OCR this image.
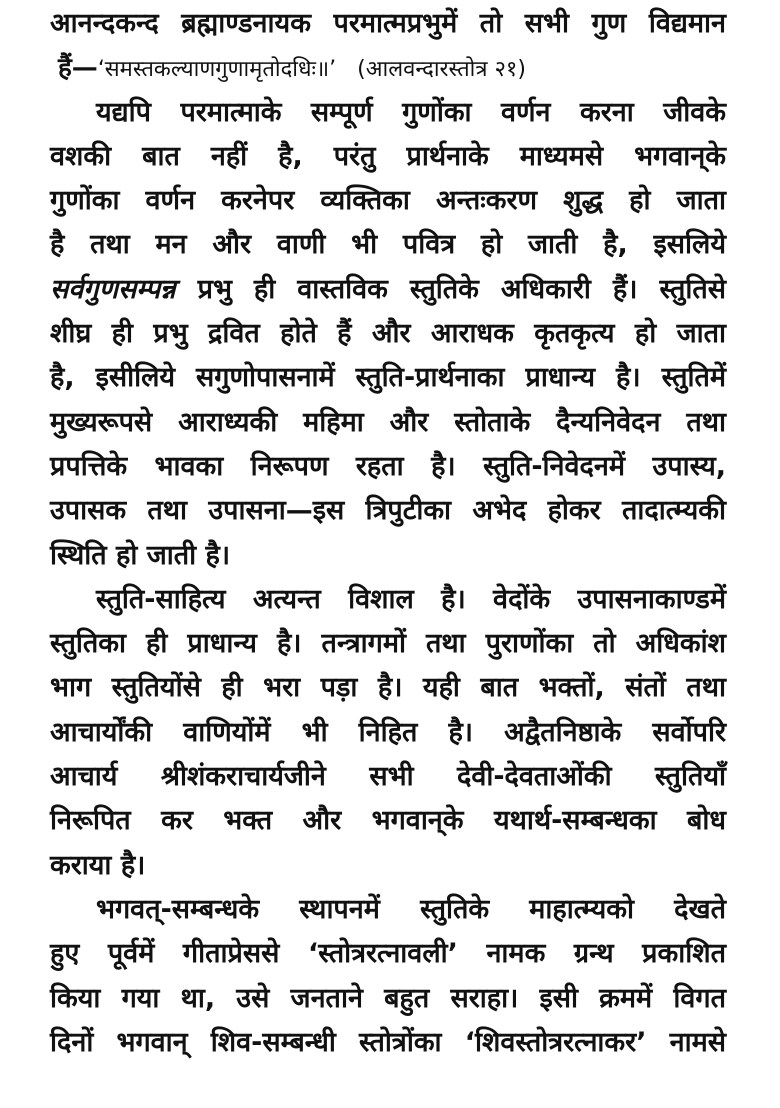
आनन्दकन्द ब्रह्माण्डनायक परमात्मप्रभुमें तो सभी गुण विद्यमान
हैं—‘समस्तकल्याणगुणामृतोदधिः॥’ (आलवन्दारस्तोत्र २१)
यद्यपि परमात्माके सम्पूर्ण गुणोंका वर्णन करना जीवके
वशकी बात नहीं है, परंतु प्रार्थनाके माध्यमसे भगवान्‌के
गुणोंका वर्णन करनेपर व्यक्तिका अन्तःकरण शुद्ध हो जाता
है तथा मन और वाणी भी पवित्र हो जाती है, इसलिये
सर्वगुणसम्पन्न प्रभु ही वास्तविक स्तुतिके अधिकारी हैं। स्तुतिसे
शीघ्र ही प्रभु द्रवित होते हैं और आराधक कृतकृत्य हो जाता
है, इसीलिये सगुणोपासनामें स्तुति-प्रार्थनाका प्राधान्य है। स्तुतिमें
मुख्यरूपसे आराध्यकी महिमा और स्तोताके दैन्यनिवेदन तथा
प्रपत्तिके भावका निरूपण रहता है। स्तुति-निवेदनमें उपास्य,
उपासक तथा उपासना—इस त्रिपुटीका अभेद होकर तादात्म्यकी
स्थिति हो जाती है।
स्तुति-साहित्य अत्यन्त विशाल है। वेदोंके उपासनाकाण्डमें
स्तुतिका ही प्राधान्य है। तन्त्रागमों तथा पुराणोंका तो अधिकांश
भाग स्तुतियोंसे ही भरा पड़ा है। यही बात भक्तों, संतों तथा
आचार्योंकी वाणियोंमें भी निहित है। अद्वैतनिष्ठाके सर्वोपरि
आचार्य श्रीशंकराचार्यजीने सभी देवी-देवताओंकी स्तुतियाँ
निरूपित कर भक्त और भगवान्‌के यथार्थ-सम्बन्धका बोध
कराया है।
भगवत्-सम्बन्धके स्थापनमें स्तुतिके माहात्म्यको देखते
हुए पूर्वमें गीताप्रेससे ‘स्तोत्ररत्नावली’ नामक ग्रन्थ प्रकाशित
किया गया था, उसे जनताने बहुत सराहा। इसी क्रममें विगत
दिनों भगवान् शिव-सम्बन्धी स्तोत्रोंका ‘शिवस्तोत्ररत्नाकर’ नामसे
